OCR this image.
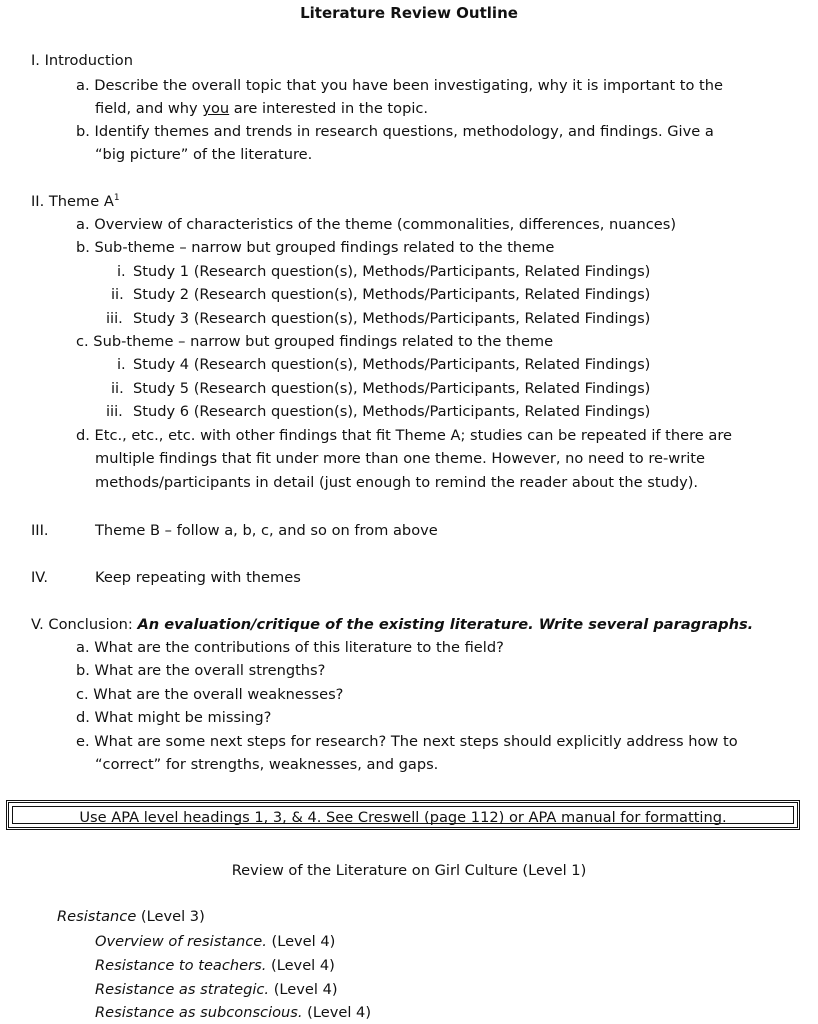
Literature Review Outline
I. Introduction
a. Describe the overall topic that you have been investigating, why it is important to the
field, and why you are interested in the topic.
b. Identify themes and trends in research questions, methodology, and findings. Give a
“big picture” of the literature.
II. Theme $A^1$
a. Overview of characteristics of the theme (commonalities, differences, nuances)
b. Sub-theme – narrow but grouped findings related to the theme
i. Study 1 (Research question(s), Methods/Participants, Related Findings)
ii. Study 2 (Research question(s), Methods/Participants, Related Findings)
iii. Study 3 (Research question(s), Methods/Participants, Related Findings)
c. Sub-theme – narrow but grouped findings related to the theme
i. Study 4 (Research question(s), Methods/Participants, Related Findings)
ii. Study 5 (Research question(s), Methods/Participants, Related Findings)
iii. Study 6 (Research question(s), Methods/Participants, Related Findings)
d. Etc., etc., etc. with other findings that fit Theme A; studies can be repeated if there are
multiple findings that fit under more than one theme. However, no need to re-write
methods/participants in detail (just enough to remind the reader about the study).
III.	Theme B – follow a, b, c, and so on from above
IV.	Keep repeating with themes
V. Conclusion: An evaluation/critique of the existing literature. Write several paragraphs.
a. What are the contributions of this literature to the field?
b. What are the overall strengths?
c. What are the overall weaknesses?
d. What might be missing?
e. What are some next steps for research? The next steps should explicitly address how to
“correct” for strengths, weaknesses, and gaps.
Use APA level headings 1, 3, & 4. See Creswell (page 112) or APA manual for formatting.
Review of the Literature on Girl Culture (Level 1)
Resistance (Level 3)
Overview of resistance. (Level 4)
Resistance to teachers. (Level 4)
Resistance as strategic. (Level 4)
Resistance as subconscious. (Level 4)
